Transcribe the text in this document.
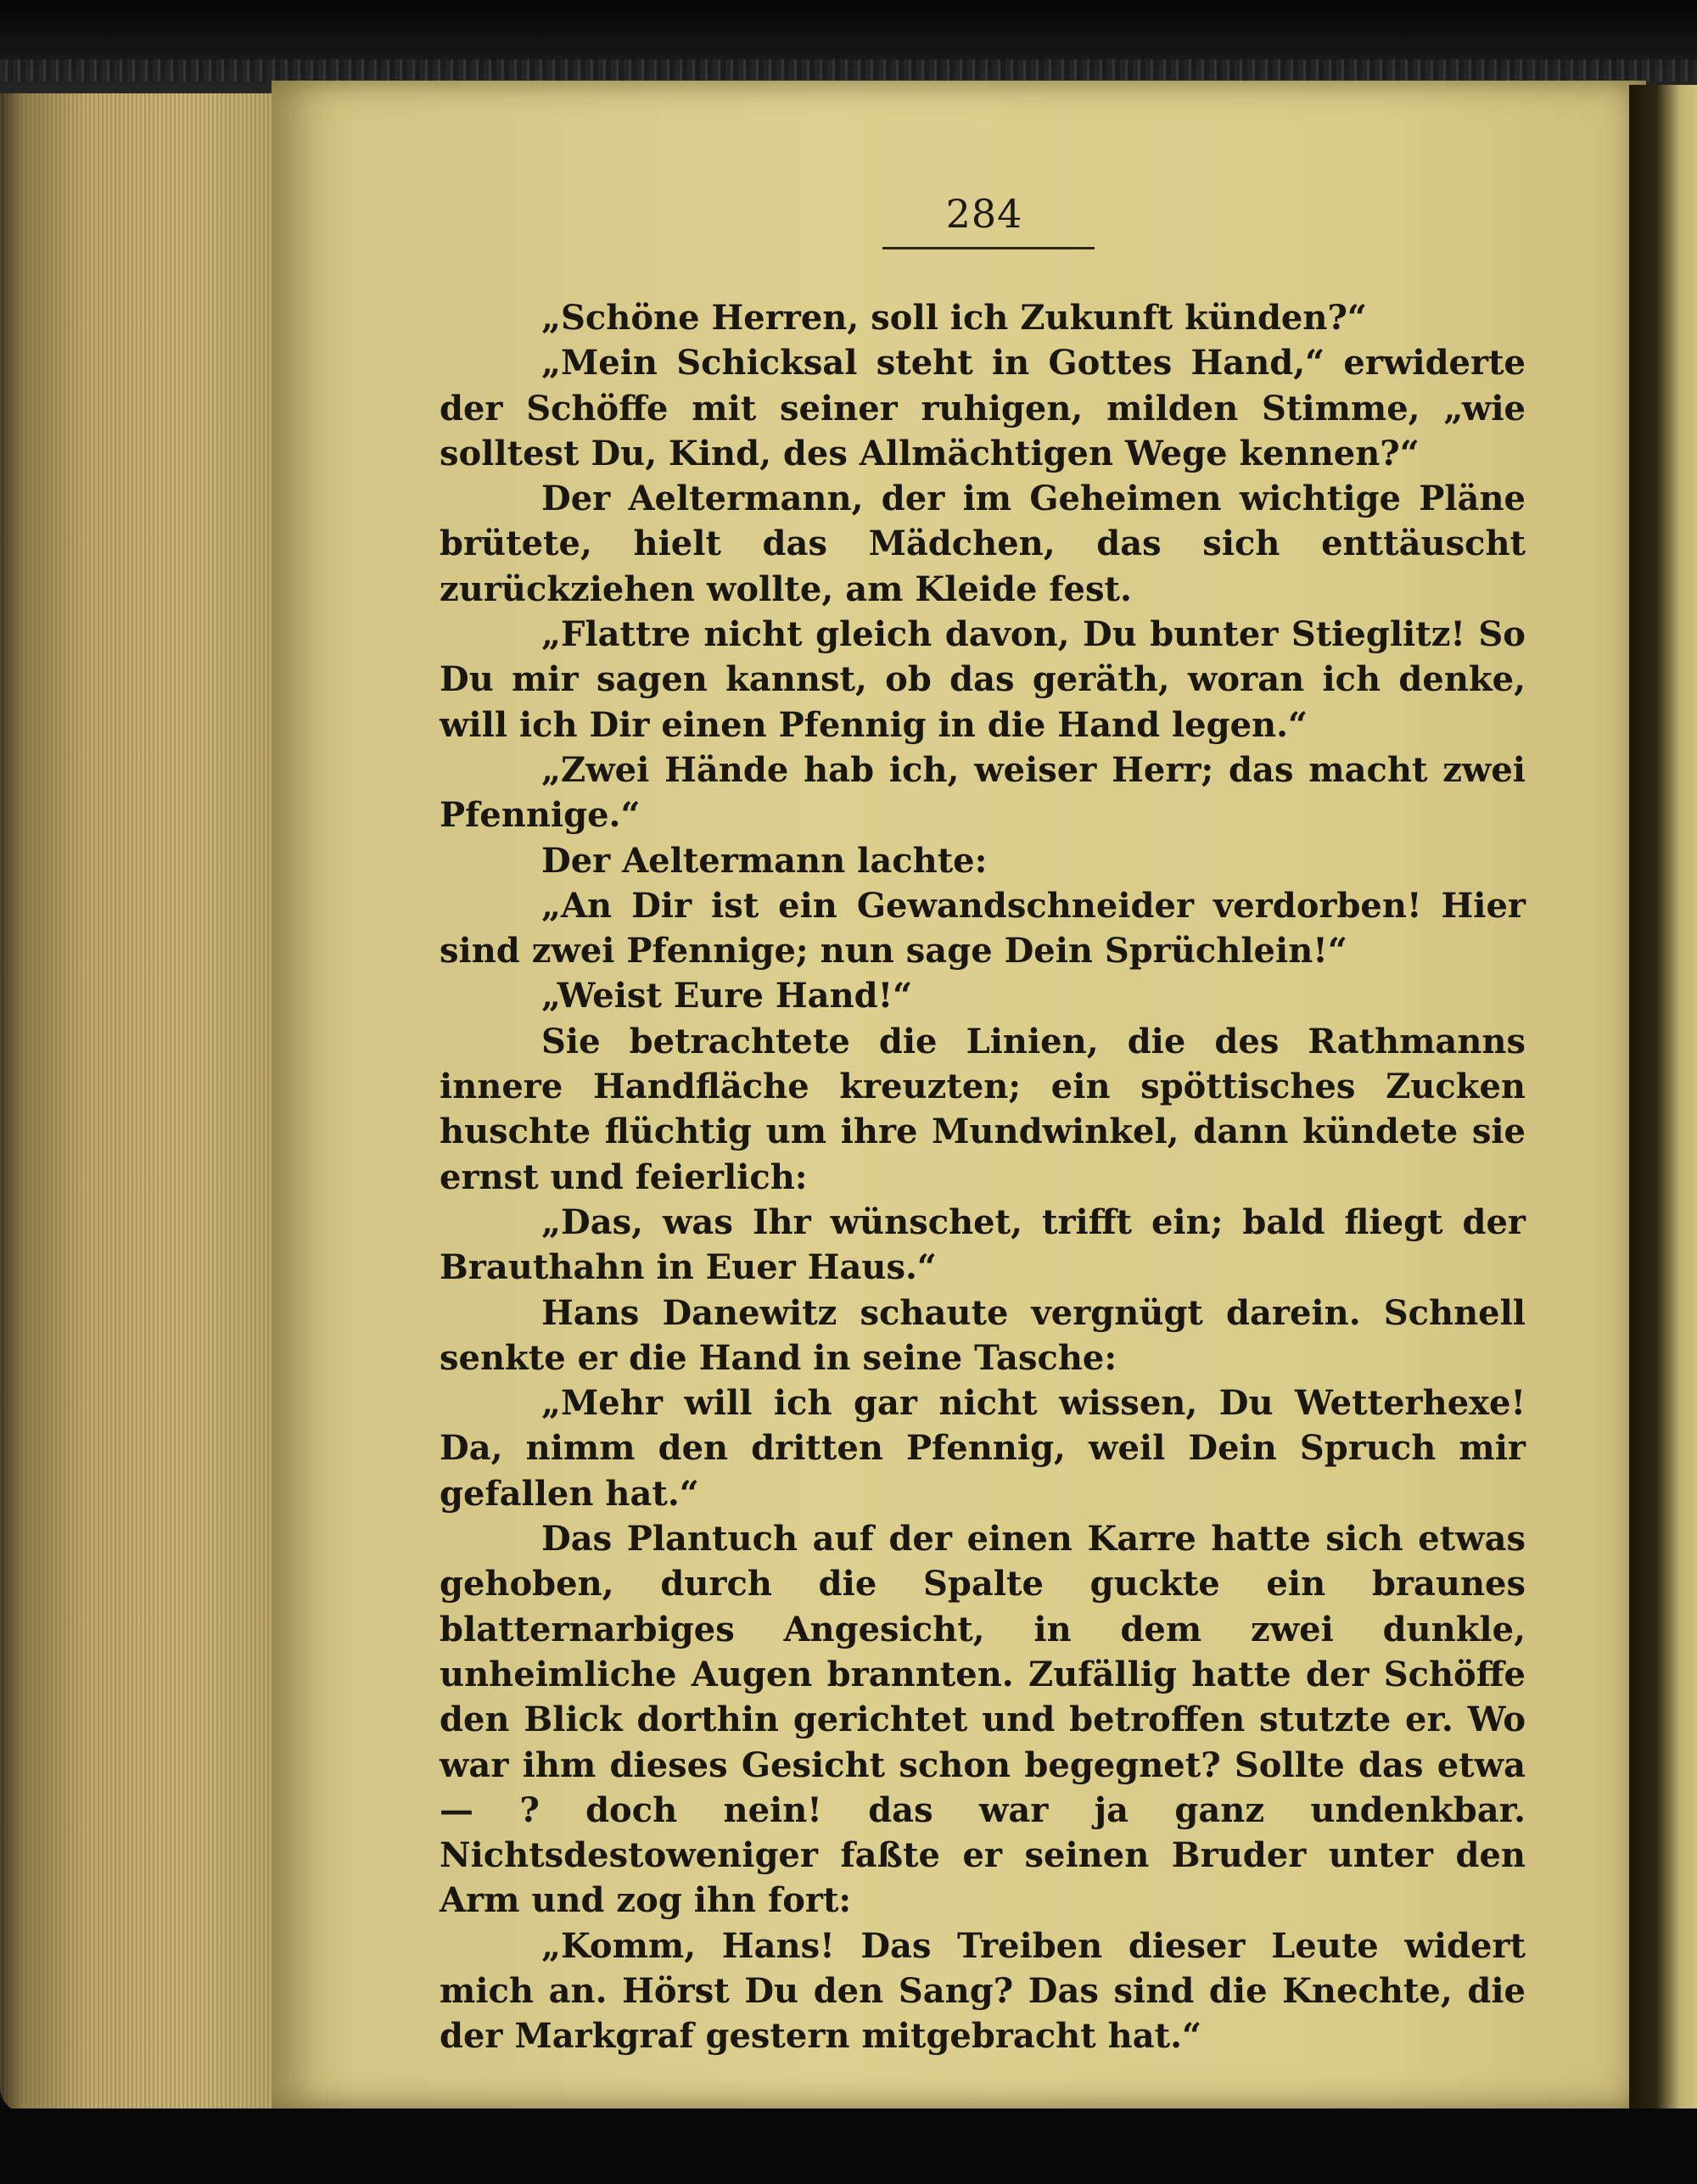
284

„Schöne Herren, soll ich Zukunft künden?“

„Mein Schicksal steht in Gottes Hand,“ erwiderte der Schöffe mit seiner ruhigen, milden Stimme, „wie solltest Du, Kind, des Allmächtigen Wege kennen?“

Der Aeltermann, der im Geheimen wichtige Pläne brütete, hielt das Mädchen, das sich enttäuscht zurückziehen wollte, am Kleide fest.

„Flattre nicht gleich davon, Du bunter Stieglitz! So Du mir sagen kannst, ob das geräth, woran ich denke, will ich Dir einen Pfennig in die Hand legen.“

„Zwei Hände hab ich, weiser Herr; das macht zwei Pfennige.“

Der Aeltermann lachte:

„An Dir ist ein Gewandschneider verdorben! Hier sind zwei Pfennige; nun sage Dein Sprüchlein!“

„Weist Eure Hand!“

Sie betrachtete die Linien, die des Rathmanns innere Handfläche kreuzten; ein spöttisches Zucken huschte flüchtig um ihre Mundwinkel, dann kündete sie ernst und feierlich:

„Das, was Ihr wünschet, trifft ein; bald fliegt der Brauthahn in Euer Haus.“

Hans Danewitz schaute vergnügt darein. Schnell senkte er die Hand in seine Tasche:

„Mehr will ich gar nicht wissen, Du Wetterhexe! Da, nimm den dritten Pfennig, weil Dein Spruch mir gefallen hat.“

Das Plantuch auf der einen Karre hatte sich etwas gehoben, durch die Spalte guckte ein braunes blatternarbiges Angesicht, in dem zwei dunkle, unheimliche Augen brannten. Zufällig hatte der Schöffe den Blick dorthin gerichtet und betroffen stutzte er. Wo war ihm dieses Gesicht schon begegnet? Sollte das etwa — ? doch nein! das war ja ganz undenkbar. Nichtsdestoweniger faßte er seinen Bruder unter den Arm und zog ihn fort:

„Komm, Hans! Das Treiben dieser Leute widert mich an. Hörst Du den Sang? Das sind die Knechte, die der Markgraf gestern mitgebracht hat.“
